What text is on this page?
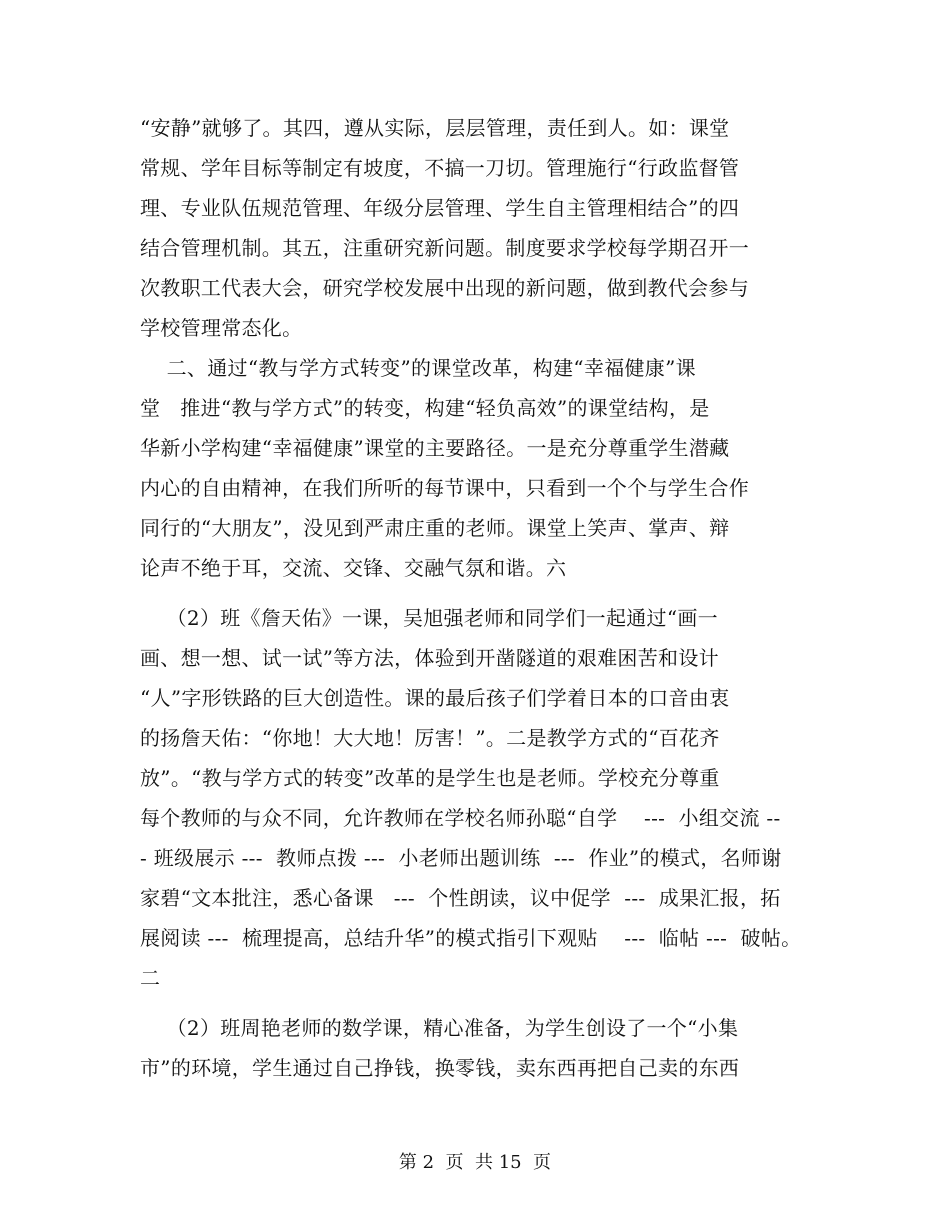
“安静”就够了。其四，遵从实际，层层管理，责任到人。如：课堂
常规、学年目标等制定有坡度，不搞一刀切。管理施行“行政监督管
理、专业队伍规范管理、年级分层管理、学生自主管理相结合”的四
结合管理机制。其五，注重研究新问题。制度要求学校每学期召开一
次教职工代表大会，研究学校发展中出现的新问题，做到教代会参与
学校管理常态化。
二、通过“教与学方式转变”的课堂改革，构建“幸福健康”课
堂   推进“教与学方式”的转变，构建“轻负高效”的课堂结构，是
华新小学构建“幸福健康”课堂的主要路径。一是充分尊重学生潜藏
内心的自由精神，在我们所听的每节课中，只看到一个个与学生合作
同行的“大朋友”，没见到严肃庄重的老师。课堂上笑声、掌声、辩
论声不绝于耳，交流、交锋、交融气氛和谐。六
（2）班《詹天佑》一课，吴旭强老师和同学们一起通过“画一
画、想一想、试一试”等方法，体验到开凿隧道的艰难困苦和设计
“人”字形铁路的巨大创造性。课的最后孩子们学着日本的口音由衷
的扬詹天佑：“你地！大大地！厉害！”。二是教学方式的“百花齐
放”。“教与学方式的转变”改革的是学生也是老师。学校充分尊重
每个教师的与众不同，允许教师在学校名师孙聪“自学    ---  小组交流 --
- 班级展示 ---  教师点拨 ---  小老师出题训练  ---  作业”的模式，名师谢
家碧“文本批注，悉心备课   ---  个性朗读，议中促学  ---  成果汇报，拓
展阅读 ---  梳理提高，总结升华”的模式指引下观贴    ---  临帖 ---  破帖。
二
（2）班周艳老师的数学课，精心准备，为学生创设了一个“小集
市”的环境，学生通过自己挣钱，换零钱，卖东西再把自己卖的东西
第 2  页  共 15  页
